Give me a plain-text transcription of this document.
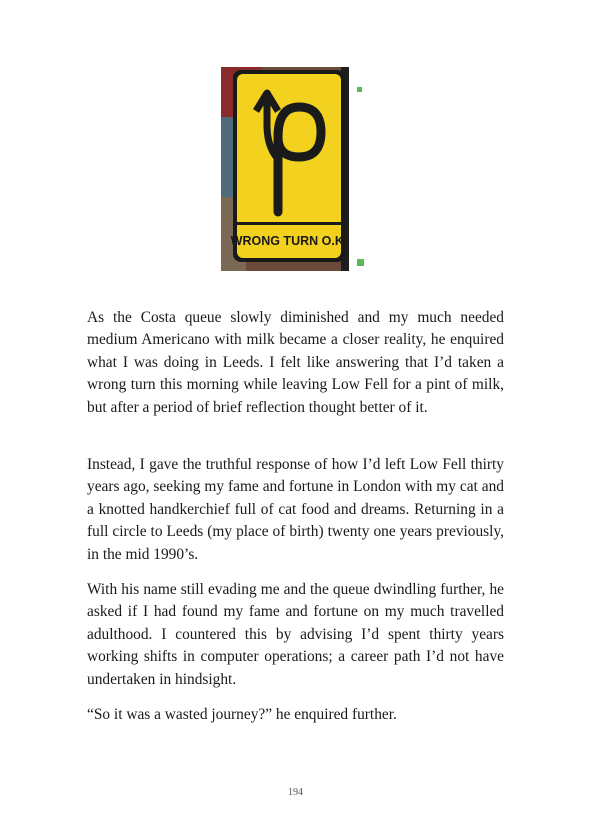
WRONG TURN O.K.

As the Costa queue slowly diminished and my much needed medium Americano with milk became a closer reality, he enquired what I was doing in Leeds. I felt like answering that I’d taken a wrong turn this morning while leaving Low Fell for a pint of milk, but after a period of brief reflection thought better of it.

Instead, I gave the truthful response of how I’d left Low Fell thirty years ago, seeking my fame and fortune in London with my cat and a knotted handkerchief full of cat food and dreams. Returning in a full circle to Leeds (my place of birth) twenty one years previously, in the mid 1990’s.

With his name still evading me and the queue dwindling further, he asked if I had found my fame and fortune on my much travelled adulthood. I countered this by advising I’d spent thirty years working shifts in computer operations; a career path I’d not have undertaken in hindsight.

“So it was a wasted journey?” he enquired further.

194
